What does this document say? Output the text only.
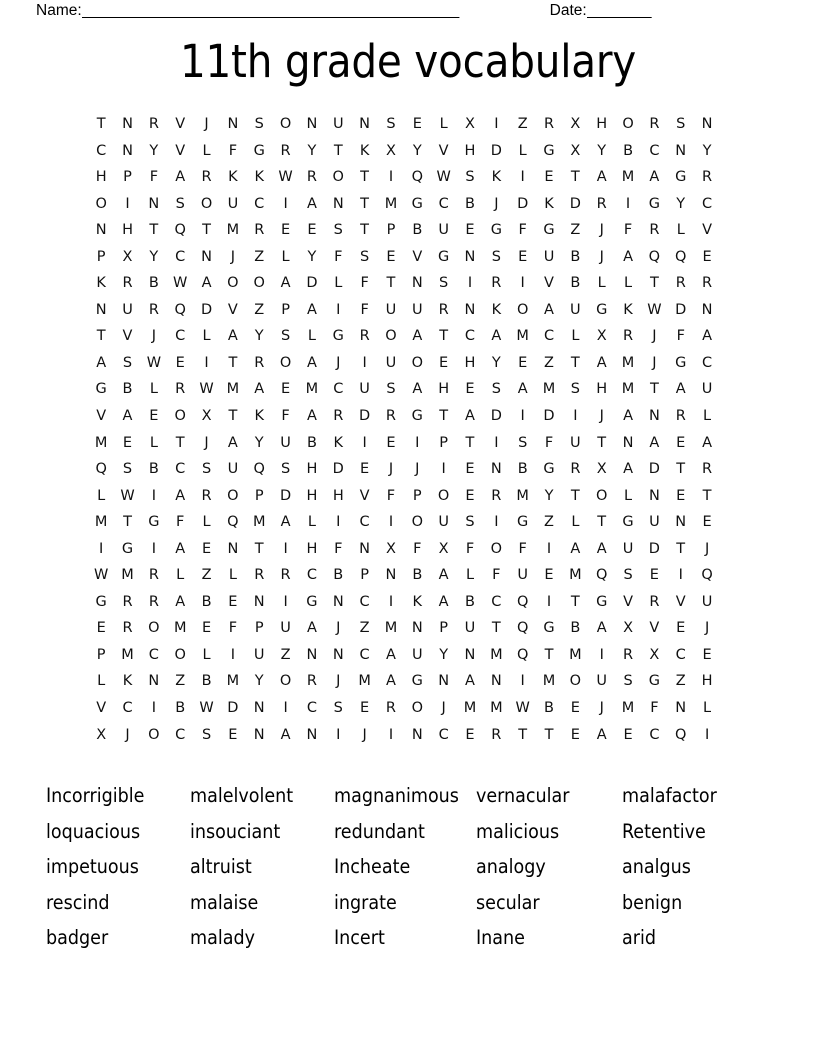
Name: _______________________________________________	Date: ________
11th grade vocabulary
T	N	R	V	J	N	S	O	N	U	N	S	E	L	X	I	Z	R	X	H	O	R	S	N
C	N	Y	V	L	F	G	R	Y	T	K	X	Y	V	H	D	L	G	X	Y	B	C	N	Y
H	P	F	A	R	K	K W R	O	T	I	Q W	S	K	I	E	T	A	M	A	G	R
O	I	N	S	O	U	C	I	A	N	T	M G	C	B	J	D	K	D	R	I	G	Y	C
N	H	T	Q	T	M	R	E	E	S	T	P	B	U	E	G	F	G	Z	J	F	R	L	V
P	X	Y	C	N	J	Z	L	Y	F	S	E	V	G	N	S	E	U	B	J	A	Q	Q	E
K	R	B W A	O	O	A	D	L	F	T	N	S	I	R	I	V	B	L	L	T	R	R
N	U	R	Q	D	V	Z	P	A	I	F	U	U	R	N	K	O	A	U	G	K W D	N
T	V	J	C	L	A	Y	S	L	G	R	O	A	T	C	A	M	C	L	X	R	J	F	A
A	S	W	E	I	T	R	O	A	J	I	U	O	E	H	Y	E	Z	T	A	M	J	G	C
G	B	L	R W M	A	E	M	C	U	S	A	H	E	S	A	M	S	H	M	T	A	U
V	A	E	O	X	T	K	F	A	R	D	R	G	T	A	D	I	D	I	J	A	N	R	L
M	E	L	T	J	A	Y	U	B	K	I	E	I	P	T	I	S	F	U	T	N	A	E	A
Q	S	B	C	S	U	Q	S	H	D	E	J	J	I	E	N	B	G	R	X	A	D	T	R
L	W	I	A	R	O	P	D	H	H	V	F	P	O	E	R	M	Y	T	O	L	N	E	T
M	T	G	F	L	Q M	A	L	I	C	I	O	U	S	I	G	Z	L	T	G	U	N	E
I	G	I	A	E	N	T	I	H	F	N	X	F	X	F	O	F	I	A	A	U	D	T	J
W M	R	L	Z	L	R	R	C	B	P	N	B	A	L	F	U	E	M Q	S	E	I	Q
G	R	R	A	B	E	N	I	G	N	C	I	K	A	B	C	Q	I	T	G	V	R	V	U
E	R	O M	E	F	P	U	A	J	Z	M	N	P	U	T	Q	G	B	A	X	V	E	J
P	M	C	O	L	I	U	Z	N	N	C	A	U	Y	N	M Q	T	M	I	R	X	C	E
L	K	N	Z	B	M	Y	O	R	J	M	A	G	N	A	N	I	M O	U	S	G	Z	H
V	C	I	B W D	N	I	C	S	E	R	O	J	M M W B	E	J	M	F	N	L
X	J	O	C	S	E	N	A	N	I	J	I	N	C	E	R	T	T	E	A	E	C	Q	I
Incorrigible	malelvolent	magnanimous vernacular	malafactor
loquacious	insouciant	redundant	malicious	Retentive
impetuous	altruist	Incheate	analogy	analgus
rescind	malaise	ingrate	secular	benign
badger	malady	Incert	Inane	arid
